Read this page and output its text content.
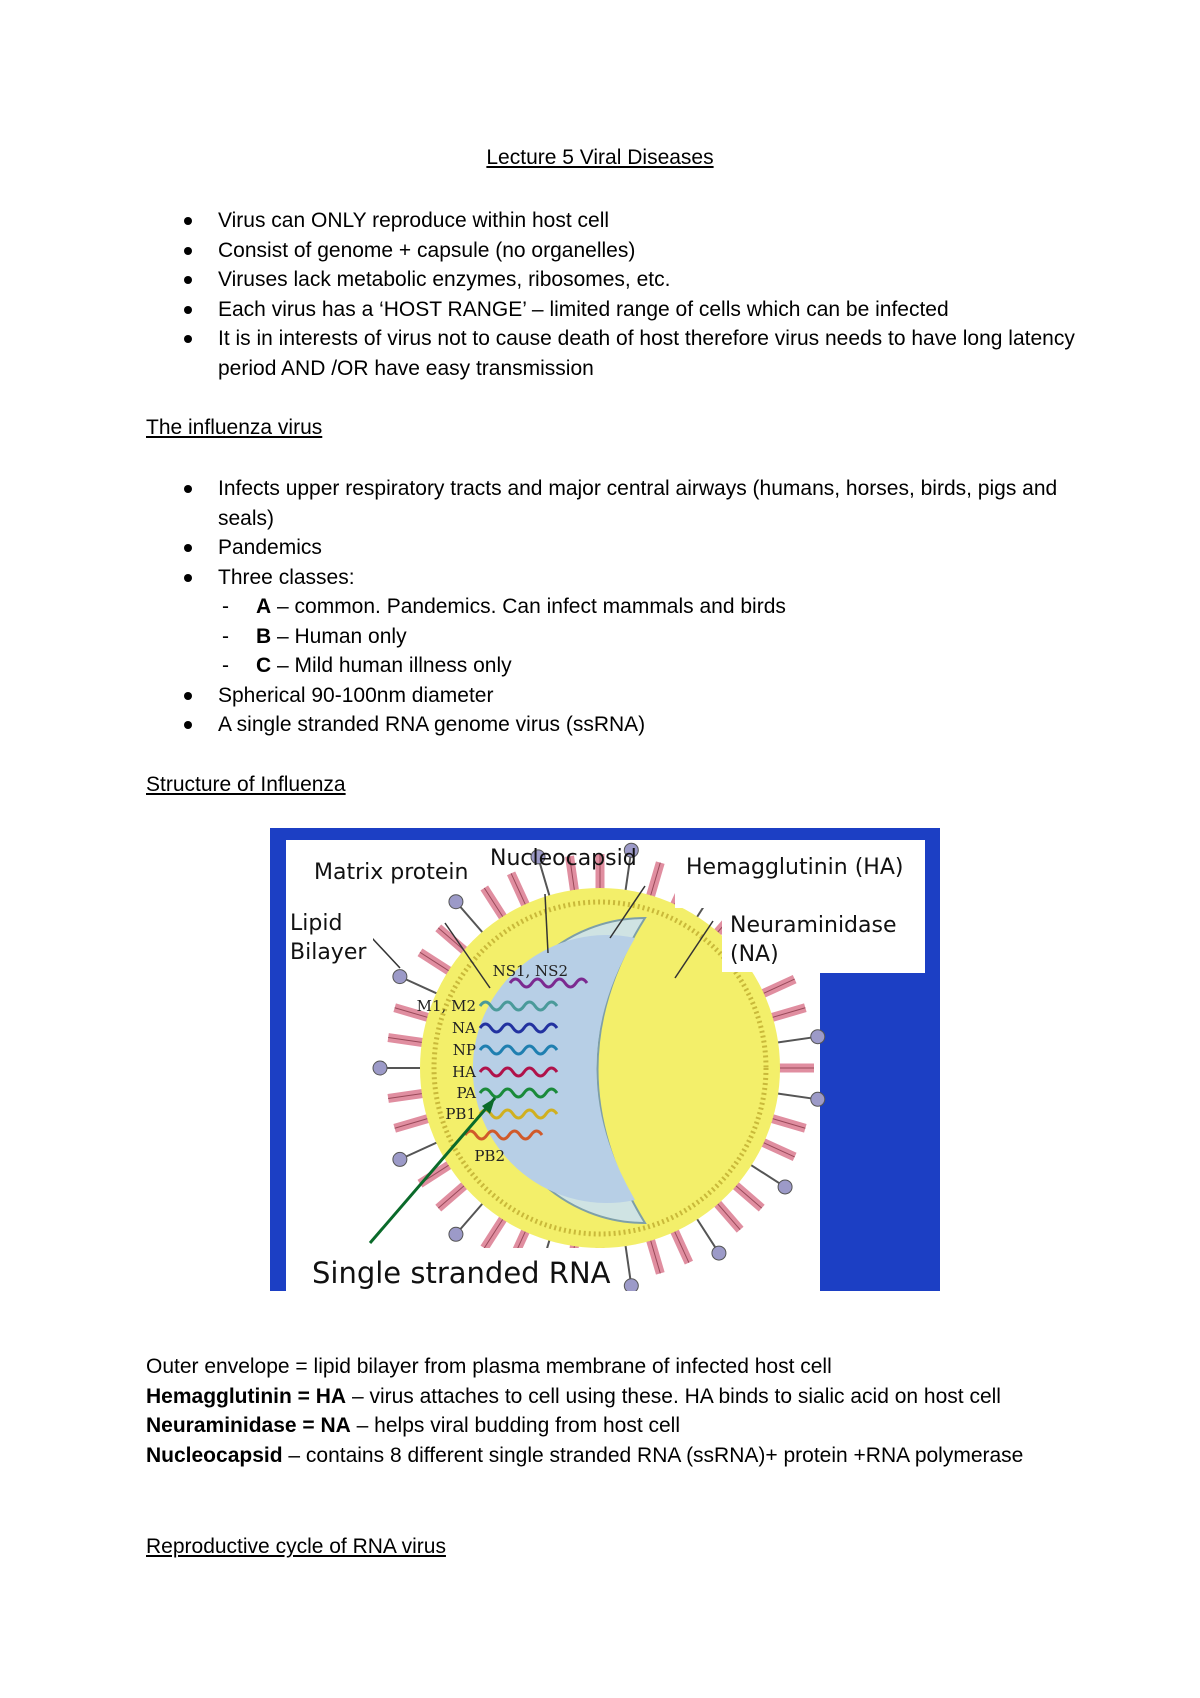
Lecture 5 Viral Diseases
Virus can ONLY reproduce within host cell
Consist of genome + capsule (no organelles)
Viruses lack metabolic enzymes, ribosomes, etc.
Each virus has a ‘HOST RANGE’ – limited range of cells which can be infected
It is in interests of virus not to cause death of host therefore virus needs to have long latency period AND /OR have easy transmission
The influenza virus
Infects upper respiratory tracts and major central airways (humans, horses, birds, pigs and seals)
Pandemics
Three classes:
- A – common. Pandemics. Can infect mammals and birds
- B – Human only
- C – Mild human illness only
Spherical 90-100nm diameter
A single stranded RNA genome virus (ssRNA)
Structure of Influenza
Matrix protein
Nucleocapsid Hemagglutinin (HA)
Lipid
Bilayer
Neuraminidase
(NA)
Single stranded RNA
NS1, NS2
M1, M2
NA
NP
HA
PA
PB1
PB2

Outer envelope = lipid bilayer from plasma membrane of infected host cell

Hemagglutinin = HA – virus attaches to cell using these. HA binds to sialic acid on host cell

Neuraminidase = NA – helps viral budding from host cell

Nucleocapsid – contains 8 different single stranded RNA (ssRNA)+ protein +RNA polymerase

Reproductive cycle of RNA virus
